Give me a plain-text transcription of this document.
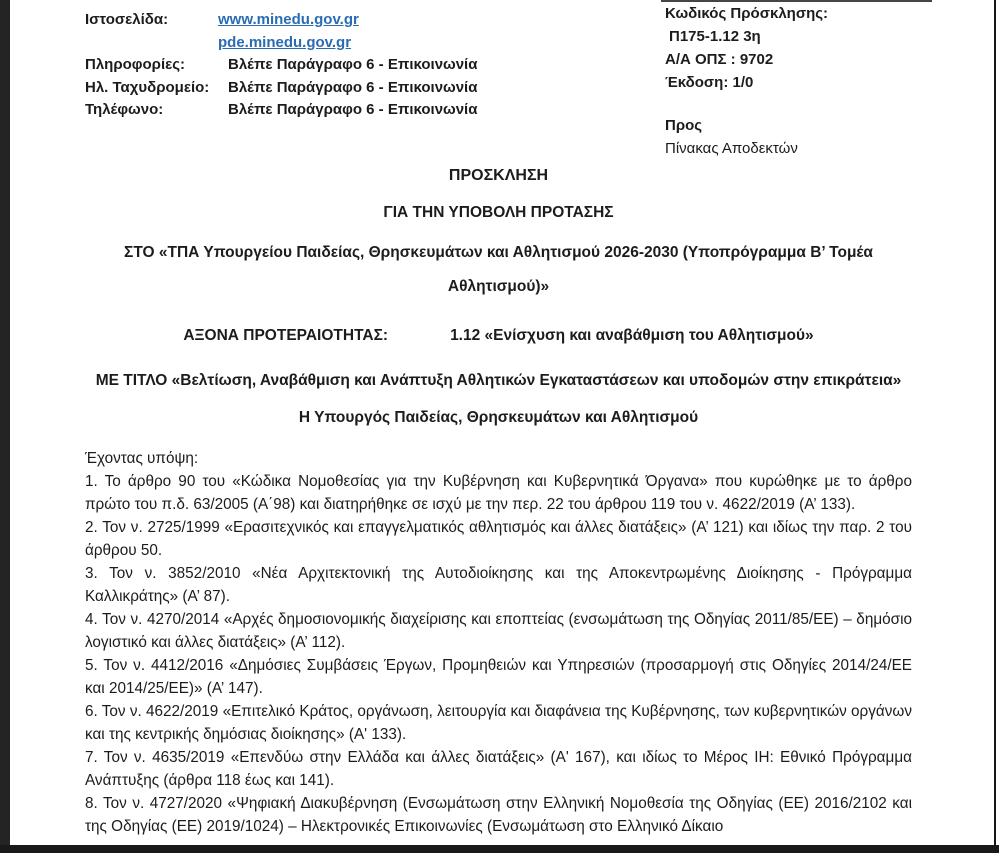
Ιστοσελίδα:	www.minedu.gov.gr
pde.minedu.gov.gr
Πληροφορίες:	Βλέπε Παράγραφο 6 - Επικοινωνία
Ηλ. Ταχυδρομείο:	Βλέπε Παράγραφο 6 - Επικοινωνία
Τηλέφωνο:	Βλέπε Παράγραφο 6 - Επικοινωνία
Κωδικός Πρόσκλησης:
Π175-1.12 3η
Α/Α ΟΠΣ : 9702
Έκδοση: 1/0
Προς
Πίνακας Αποδεκτών

ΠΡΟΣΚΛΗΣΗ

ΓΙΑ ΤΗΝ ΥΠΟΒΟΛΗ ΠΡΟΤΑΣΗΣ

ΣΤΟ «ΤΠΑ Υπουργείου Παιδείας, Θρησκευμάτων και Αθλητισμού 2026-2030 (Υποπρόγραμμα Β’ Τομέα Αθλητισμού)»

ΑΞΟΝΑ ΠΡΟΤΕΡΑΙΟΤΗΤΑΣ:	1.12 «Ενίσχυση και αναβάθμιση του Αθλητισμού»

ΜΕ ΤΙΤΛΟ «Βελτίωση, Αναβάθμιση και Ανάπτυξη Αθλητικών Εγκαταστάσεων και υποδομών στην επικράτεια»

Η Υπουργός Παιδείας, Θρησκευμάτων και Αθλητισμού

Έχοντας υπόψη:

1. Το άρθρο 90 του «Κώδικα Νομοθεσίας για την Κυβέρνηση και Κυβερνητικά Όργανα» που κυρώθηκε με το άρθρο πρώτο του π.δ. 63/2005 (Α΄98) και διατηρήθηκε σε ισχύ με την περ. 22 του άρθρου 119 του ν. 4622/2019 (Α’ 133).

2. Τον ν. 2725/1999 «Ερασιτεχνικός και επαγγελματικός αθλητισμός και άλλες διατάξεις» (Α’ 121) και ιδίως την παρ. 2 του άρθρου 50.

3. Τον ν. 3852/2010 «Νέα Αρχιτεκτονική της Αυτοδιοίκησης και της Αποκεντρωμένης Διοίκησης - Πρόγραμμα Καλλικράτης» (Α’ 87).

4. Τον ν. 4270/2014 «Αρχές δημοσιονομικής διαχείρισης και εποπτείας (ενσωμάτωση της Οδηγίας 2011/85/ΕΕ) – δημόσιο λογιστικό και άλλες διατάξεις» (Α’ 112).

5. Τον ν. 4412/2016 «Δημόσιες Συμβάσεις Έργων, Προμηθειών και Υπηρεσιών (προσαρμογή στις Οδηγίες 2014/24/ΕΕ και 2014/25/ΕΕ)» (Α’ 147).

6. Τον ν. 4622/2019 «Επιτελικό Κράτος, οργάνωση, λειτουργία και διαφάνεια της Κυβέρνησης, των κυβερνητικών οργάνων και της κεντρικής δημόσιας διοίκησης» (Α' 133).

7. Τον ν. 4635/2019 «Επενδύω στην Ελλάδα και άλλες διατάξεις» (Α' 167), και ιδίως το Μέρος ΙΗ: Εθνικό Πρόγραμμα Ανάπτυξης (άρθρα 118 έως και 141).

8. Τον ν. 4727/2020 «Ψηφιακή Διακυβέρνηση (Ενσωμάτωση στην Ελληνική Νομοθεσία της Οδηγίας (ΕΕ) 2016/2102 και της Οδηγίας (ΕΕ) 2019/1024) – Ηλεκτρονικές Επικοινωνίες (Ενσωμάτωση στο Ελληνικό Δίκαιο
